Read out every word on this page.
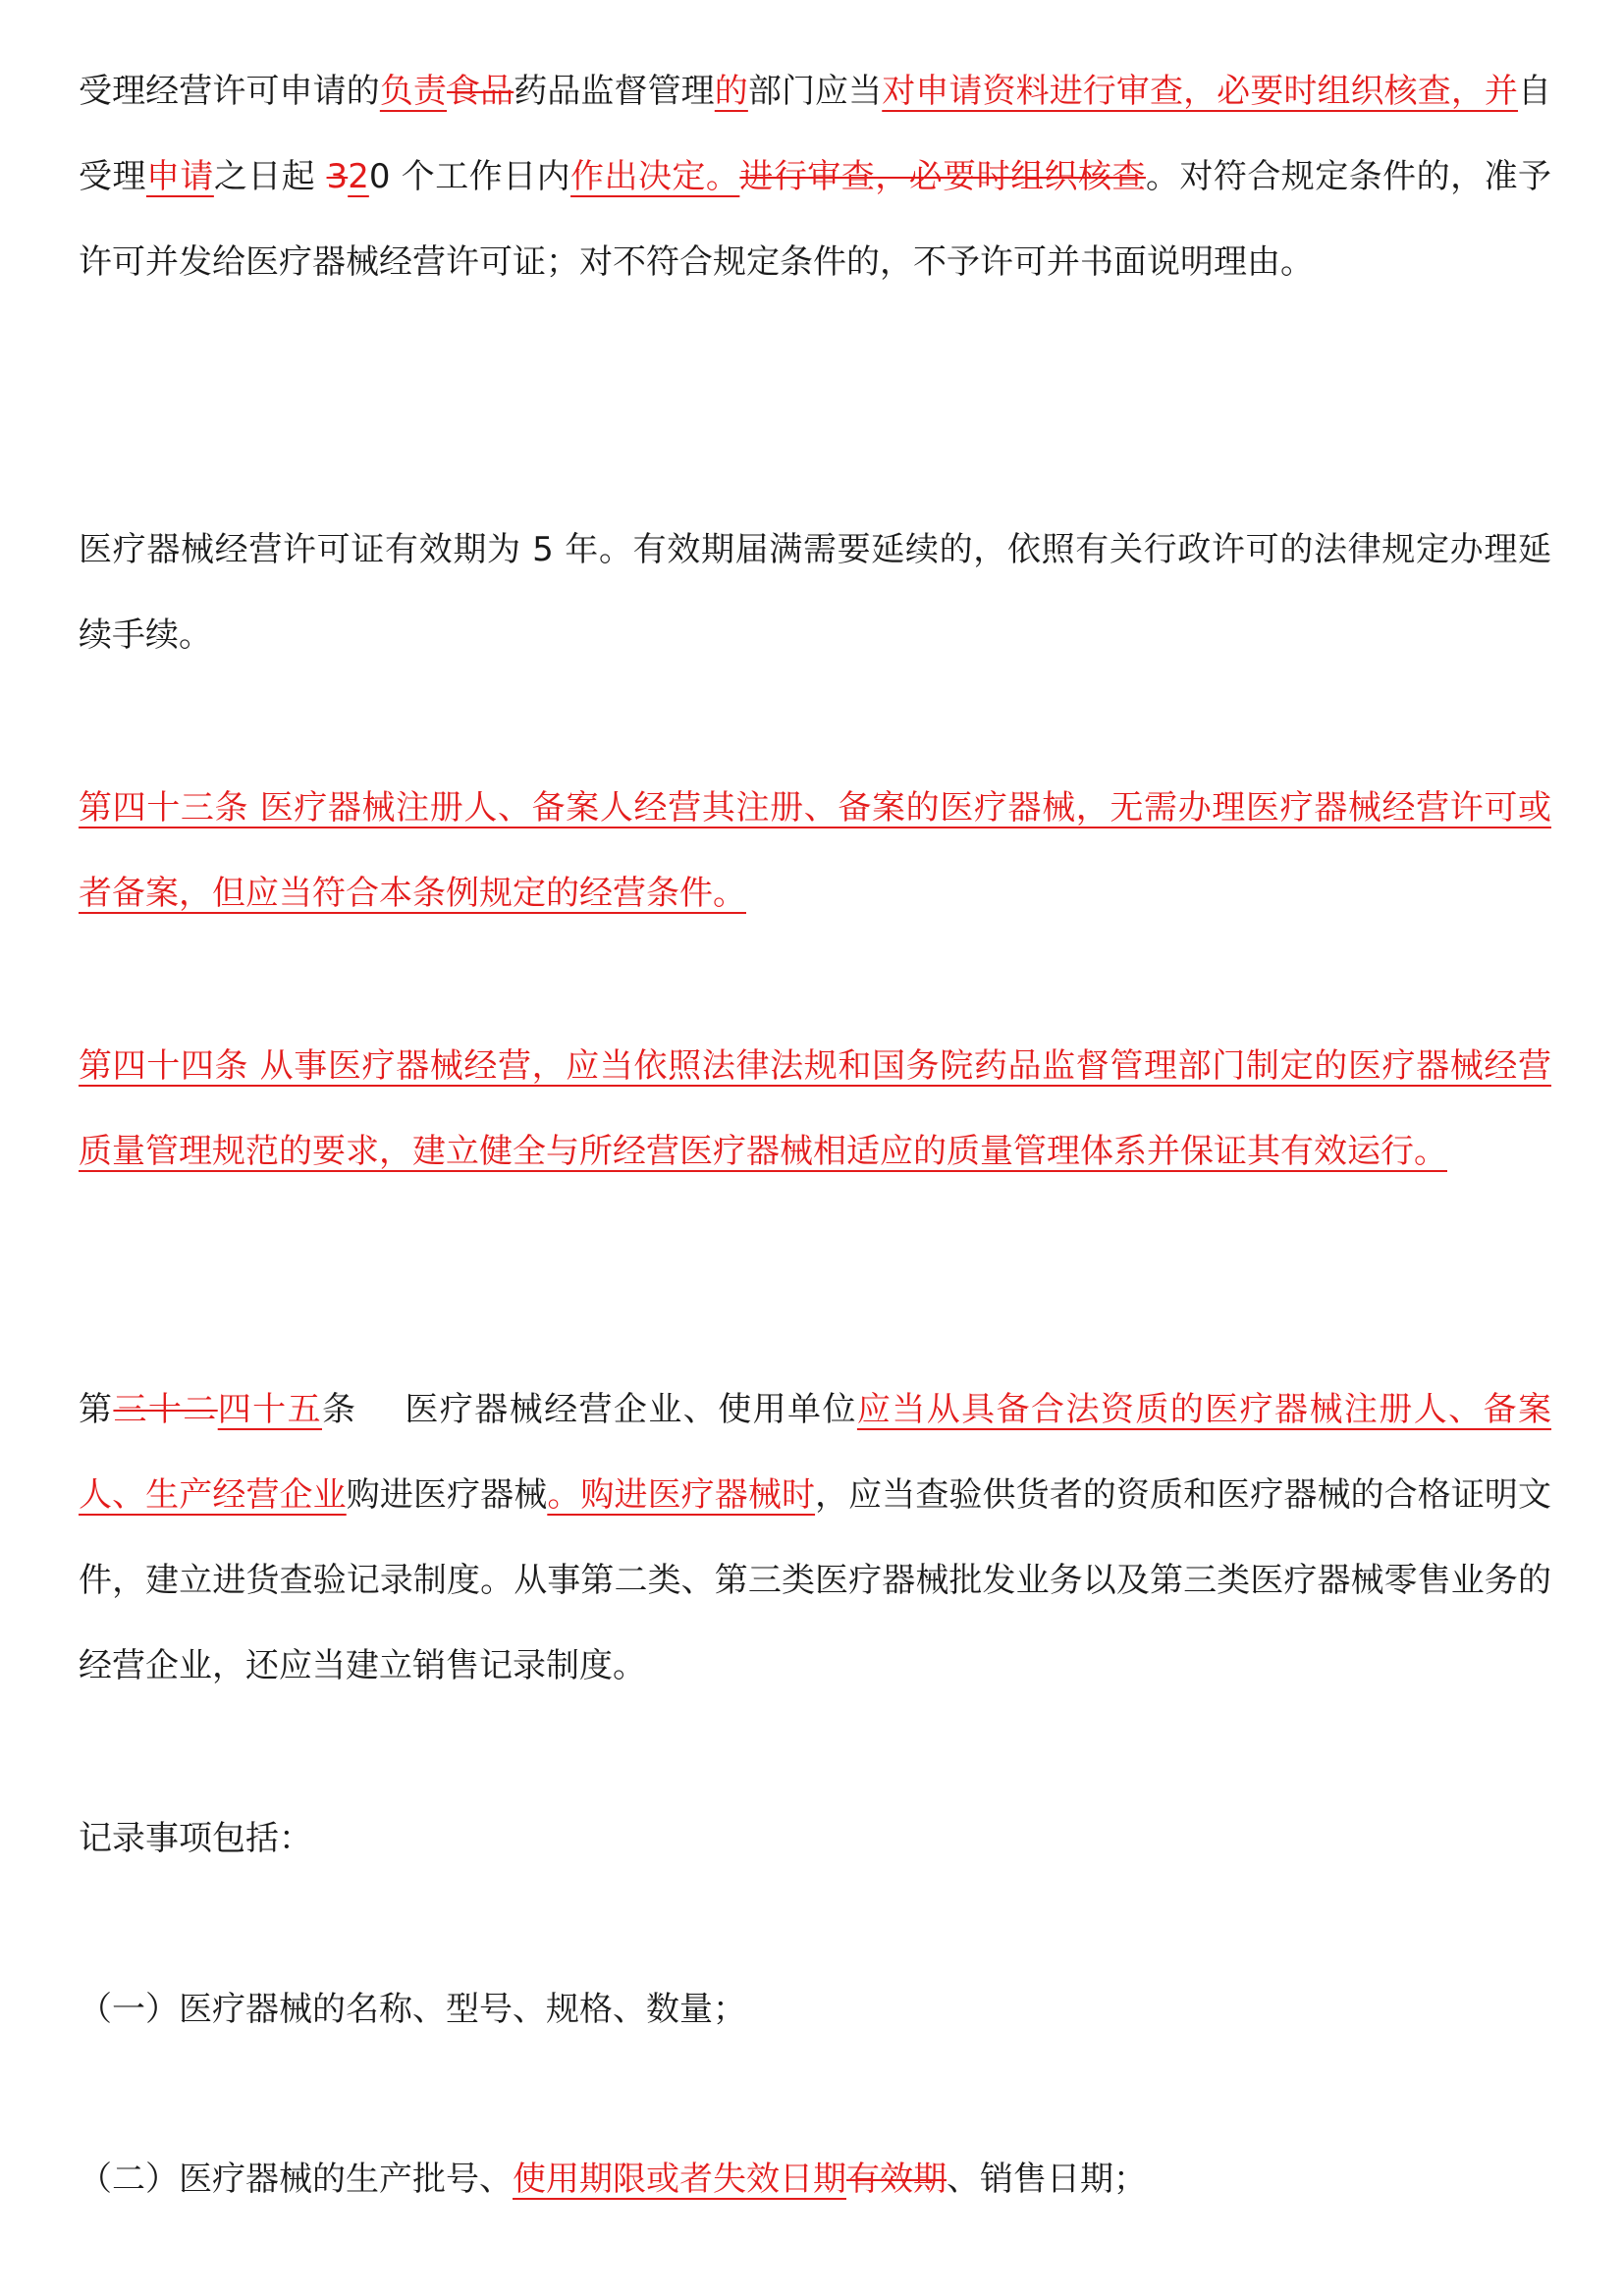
受理经营许可申请的负责食品药品监督管理的部门应当对申请资料进行审查，必要时组织核查，并自受理申请之日起 320 个工作日内作出决定。进行审查，必要时组织核查。对符合规定条件的，准予许可并发给医疗器械经营许可证；对不符合规定条件的，不予许可并书面说明理由。

医疗器械经营许可证有效期为 5 年。有效期届满需要延续的，依照有关行政许可的法律规定办理延续手续。

第四十三条 医疗器械注册人、备案人经营其注册、备案的医疗器械，无需办理医疗器械经营许可或者备案，但应当符合本条例规定的经营条件。

第四十四条 从事医疗器械经营，应当依照法律法规和国务院药品监督管理部门制定的医疗器械经营质量管理规范的要求，建立健全与所经营医疗器械相适应的质量管理体系并保证其有效运行。

第三十二四十五条    医疗器械经营企业、使用单位应当从具备合法资质的医疗器械注册人、备案人、生产经营企业购进医疗器械。购进医疗器械时，应当查验供货者的资质和医疗器械的合格证明文件，建立进货查验记录制度。从事第二类、第三类医疗器械批发业务以及第三类医疗器械零售业务的经营企业，还应当建立销售记录制度。

记录事项包括：
（一）医疗器械的名称、型号、规格、数量；
（二）医疗器械的生产批号、使用期限或者失效日期有效期、销售日期；
